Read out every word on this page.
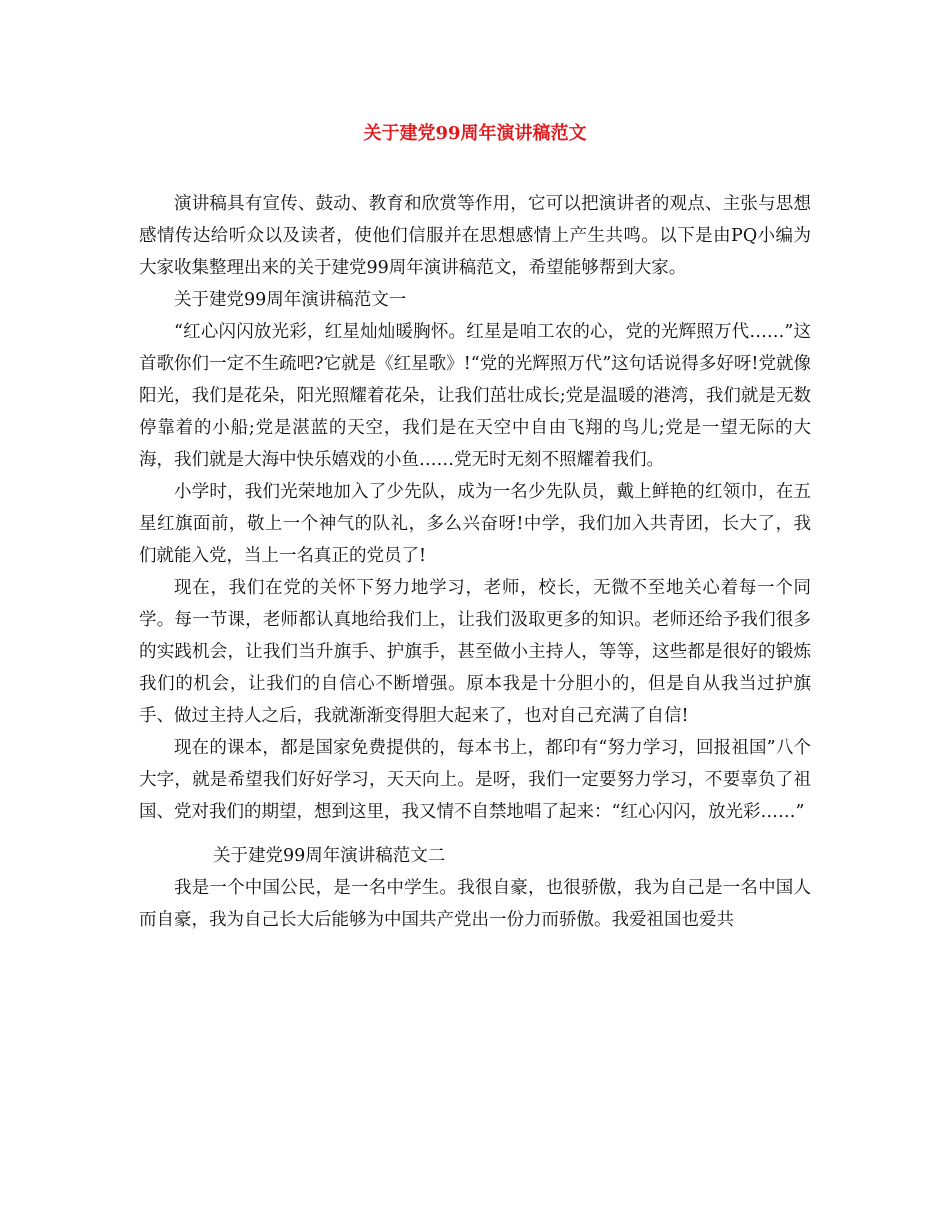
关于建党99周年演讲稿范文

演讲稿具有宣传、鼓动、教育和欣赏等作用，它可以把演讲者的观点、主张与思想感情传达给听众以及读者，使他们信服并在思想感情上产生共鸣。以下是由PQ小编为大家收集整理出来的关于建党99周年演讲稿范文，希望能够帮到大家。

关于建党99周年演讲稿范文一

“红心闪闪放光彩，红星灿灿暖胸怀。红星是咱工农的心，党的光辉照万代……”这首歌你们一定不生疏吧?它就是《红星歌》!“党的光辉照万代”这句话说得多好呀!党就像阳光，我们是花朵，阳光照耀着花朵，让我们茁壮成长;党是温暖的港湾，我们就是无数停靠着的小船;党是湛蓝的天空，我们是在天空中自由飞翔的鸟儿;党是一望无际的大海，我们就是大海中快乐嬉戏的小鱼……党无时无刻不照耀着我们。

小学时，我们光荣地加入了少先队，成为一名少先队员，戴上鲜艳的红领巾，在五星红旗面前，敬上一个神气的队礼，多么兴奋呀!中学，我们加入共青团，长大了，我们就能入党，当上一名真正的党员了!

现在，我们在党的关怀下努力地学习，老师，校长，无微不至地关心着每一个同学。每一节课，老师都认真地给我们上，让我们汲取更多的知识。老师还给予我们很多的实践机会，让我们当升旗手、护旗手，甚至做小主持人，等等，这些都是很好的锻炼我们的机会，让我们的自信心不断增强。原本我是十分胆小的，但是自从我当过护旗手、做过主持人之后，我就渐渐变得胆大起来了，也对自己充满了自信!

现在的课本，都是国家免费提供的，每本书上，都印有“努力学习，回报祖国”八个大字，就是希望我们好好学习，天天向上。是呀，我们一定要努力学习，不要辜负了祖国、党对我们的期望，想到这里，我又情不自禁地唱了起来：“红心闪闪，放光彩……”

关于建党99周年演讲稿范文二

我是一个中国公民，是一名中学生。我很自豪，也很骄傲，我为自己是一名中国人而自豪，我为自己长大后能够为中国共产党出一份力而骄傲。我爱祖国也爱共
